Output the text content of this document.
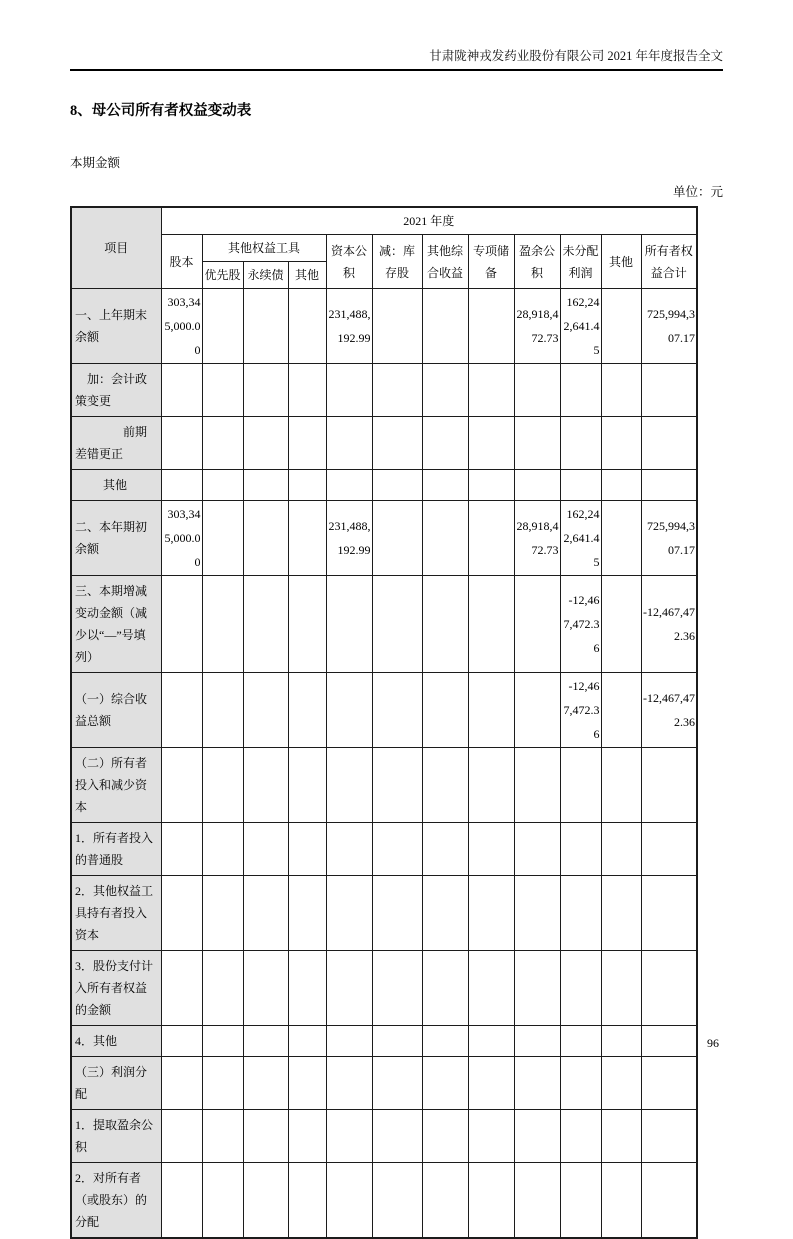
甘肃陇神戎发药业股份有限公司 2021 年年度报告全文
8、母公司所有者权益变动表
本期金额
单位：元
项目	2021 年度											
	股本	其他权益工具			资本公积	减：库存股	其他综合收益	专项储备	盈余公积	未分配利润	其他	所有者权益合计
		优先股	永续债	其他								
一、上年期末余额	303,345,000.00				231,488,192.99				28,918,472.73	162,242,641.45		725,994,307.17
加：会计政策变更												
前期差错更正												
其他												
二、本年期初余额	303,345,000.00				231,488,192.99				28,918,472.73	162,242,641.45		725,994,307.17
三、本期增减变动金额（减少以“—”号填列）										-12,467,472.36		-12,467,472.36
（一）综合收益总额										-12,467,472.36		-12,467,472.36
（二）所有者投入和减少资本												
1．所有者投入的普通股												
2．其他权益工具持有者投入资本												
3．股份支付计入所有者权益的金额												
4．其他												
（三）利润分配												
1．提取盈余公积												
2．对所有者（或股东）的分配												
96
